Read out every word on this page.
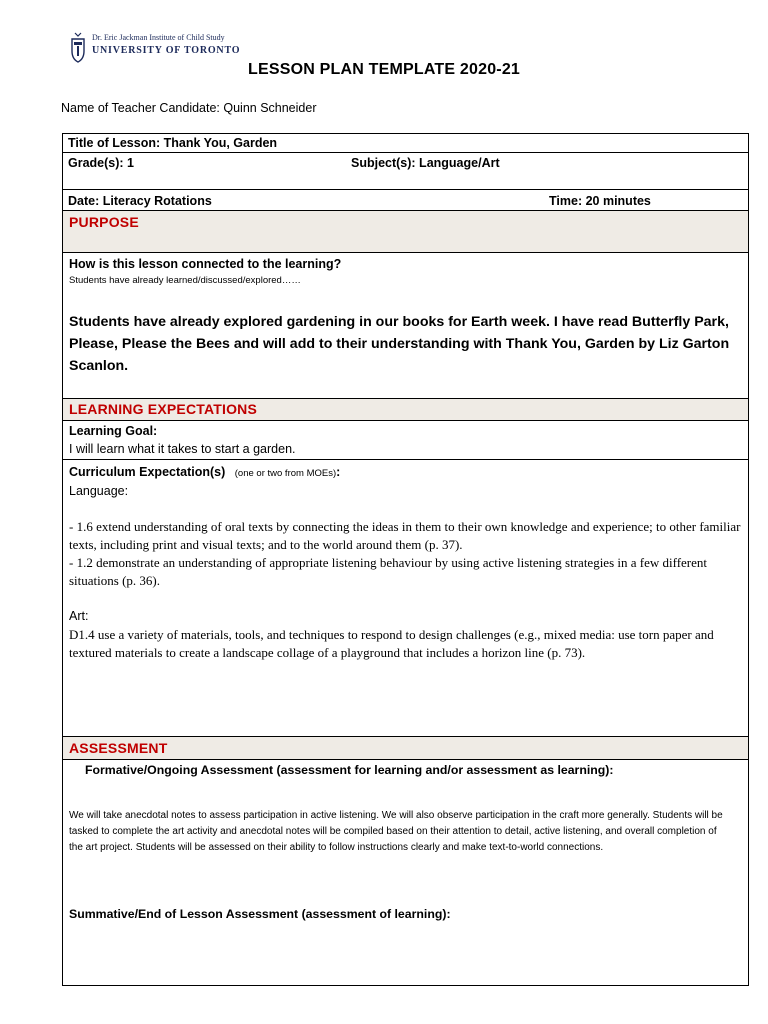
Dr. Eric Jackman Institute of Child Study
UNIVERSITY OF TORONTO
LESSON PLAN TEMPLATE 2020-21
Name of Teacher Candidate: Quinn Schneider
Title of Lesson: Thank You, Garden
Grade(s): 1	Subject(s): Language/Art
Date: Literacy Rotations	Time: 20 minutes
PURPOSE
How is this lesson connected to the learning?
Students have already learned/discussed/explored……
Students have already explored gardening in our books for Earth week. I have read Butterfly Park, Please, Please the Bees and will add to their understanding with Thank You, Garden by Liz Garton Scanlon.
LEARNING EXPECTATIONS
Learning Goal:
I will learn what it takes to start a garden.
Curriculum Expectation(s) (one or two from MOEs):
Language:
- 1.6 extend understanding of oral texts by connecting the ideas in them to their own knowledge and experience; to other familiar texts, including print and visual texts; and to the world around them (p. 37).
- 1.2 demonstrate an understanding of appropriate listening behaviour by using active listening strategies in a few different situations (p. 36).
Art:
D1.4 use a variety of materials, tools, and techniques to respond to design challenges (e.g., mixed media: use torn paper and textured materials to create a landscape collage of a playground that includes a horizon line (p. 73).
ASSESSMENT
Formative/Ongoing Assessment (assessment for learning and/or assessment as learning):
We will take anecdotal notes to assess participation in active listening. We will also observe participation in the craft more generally. Students will be tasked to complete the art activity and anecdotal notes will be compiled based on their attention to detail, active listening, and overall completion of the art project. Students will be assessed on their ability to follow instructions clearly and make text-to-world connections.
Summative/End of Lesson Assessment (assessment of learning):
